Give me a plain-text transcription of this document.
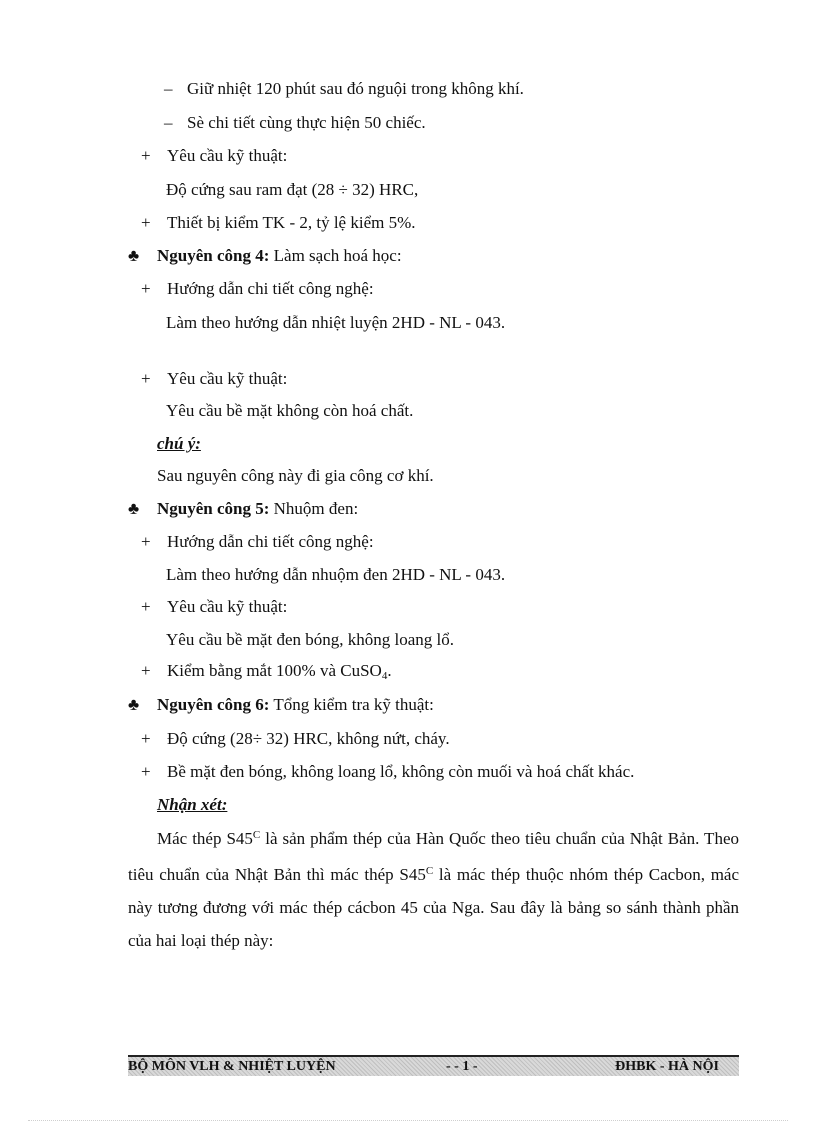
– Giữ nhiệt 120 phút sau đó nguội trong không khí.
– Sè chi tiết cùng thực hiện 50 chiếc.
+ Yêu cầu kỹ thuật:
Độ cứng sau ram đạt (28 ÷ 32) HRC,
+ Thiết bị kiểm TK - 2, tỷ lệ kiểm 5%.
♣ Nguyên công 4: Làm sạch hoá học:
+ Hướng dẫn chi tiết công nghệ:
Làm theo hướng dẫn nhiệt luyện 2HD - NL - 043.
+ Yêu cầu kỹ thuật:
Yêu cầu bề mặt không còn hoá chất.
chú ý:
Sau nguyên công này đi gia công cơ khí.
♣ Nguyên công 5: Nhuộm đen:
+ Hướng dẫn chi tiết công nghệ:
Làm theo hướng dẫn nhuộm đen 2HD - NL - 043.
+ Yêu cầu kỹ thuật:
Yêu cầu bề mặt đen bóng, không loang lổ.
+ Kiểm bằng mắt 100% và CuSO$_4$.
♣ Nguyên công 6: Tổng kiểm tra kỹ thuật:
+ Độ cứng (28÷ 32) HRC, không nứt, cháy.
+ Bề mặt đen bóng, không loang lổ, không còn muối và hoá chất khác.
Nhận xét:
Mác thép $S45^C$ là sản phẩm thép của Hàn Quốc theo tiêu chuẩn của Nhật Bản. Theo tiêu chuẩn của Nhật Bản thì mác thép $S45^C$ là mác thép thuộc nhóm thép Cacbon, mác này tương đương với mác thép cácbon 45 của Nga. Sau đây là bảng so sánh thành phần của hai loại thép này:
BỘ MÔN VLH & NHIỆT LUYỆN	- - 1 -	ĐHBK - HÀ NỘI
